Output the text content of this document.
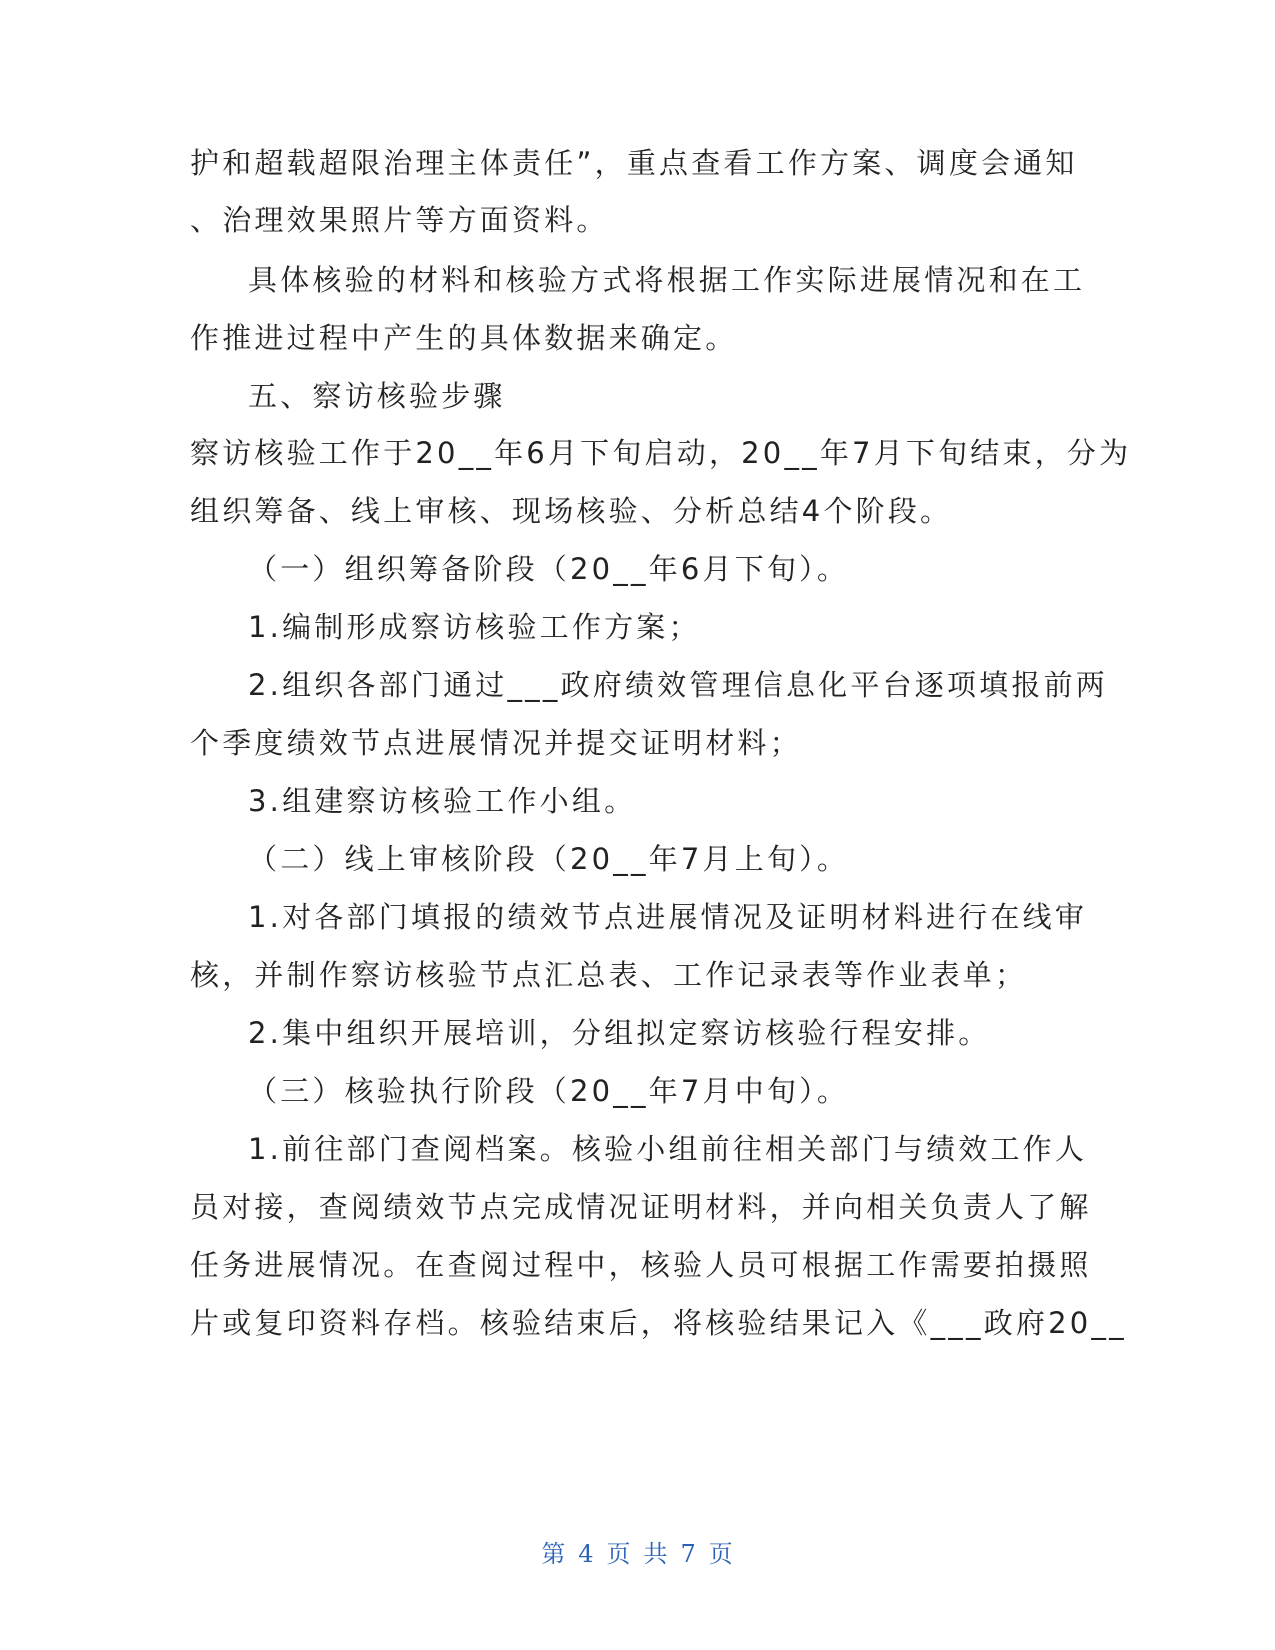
护和超载超限治理主体责任”，重点查看工作方案、调度会通知
、治理效果照片等方面资料。
具体核验的材料和核验方式将根据工作实际进展情况和在工
作推进过程中产生的具体数据来确定。
五、察访核验步骤
察访核验工作于20__年6月下旬启动，20__年7月下旬结束，分为
组织筹备、线上审核、现场核验、分析总结4个阶段。
（一）组织筹备阶段（20__年6月下旬）。
1.编制形成察访核验工作方案；
2.组织各部门通过___政府绩效管理信息化平台逐项填报前两
个季度绩效节点进展情况并提交证明材料；
3.组建察访核验工作小组。
（二）线上审核阶段（20__年7月上旬）。
1.对各部门填报的绩效节点进展情况及证明材料进行在线审
核，并制作察访核验节点汇总表、工作记录表等作业表单；
2.集中组织开展培训，分组拟定察访核验行程安排。
（三）核验执行阶段（20__年7月中旬）。
1.前往部门查阅档案。核验小组前往相关部门与绩效工作人
员对接，查阅绩效节点完成情况证明材料，并向相关负责人了解
任务进展情况。在查阅过程中，核验人员可根据工作需要拍摄照
片或复印资料存档。核验结束后，将核验结果记入《___政府20__
第 4 页 共 7 页
